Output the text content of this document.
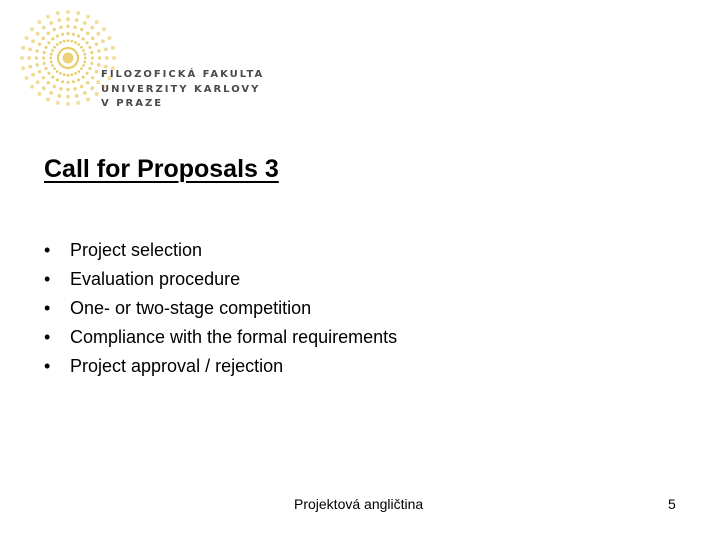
FILOZOFICKÁ FAKULTA
UNIVERZITY KARLOVY
V PRAZE
Call for Proposals 3
•	Project selection
•	Evaluation procedure
•	One- or two-stage competition
•	Compliance with the formal requirements
•	Project approval / rejection
Projektová angličtina	5
